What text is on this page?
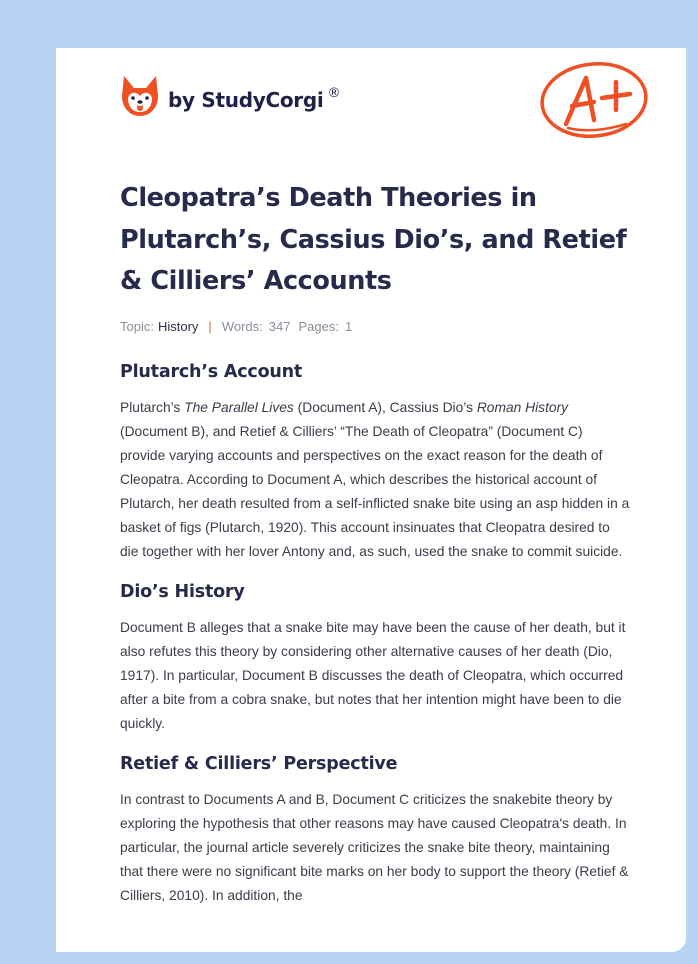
by StudyCorgi ®
Cleopatra’s Death Theories in Plutarch’s, Cassius Dio’s, and Retief & Cilliers’ Accounts
Topic: History | Words: 347 Pages: 1
Plutarch’s Account

Plutarch’s The Parallel Lives (Document A), Cassius Dio’s Roman History (Document B), and Retief & Cilliers’ “The Death of Cleopatra” (Document C) provide varying accounts and perspectives on the exact reason for the death of Cleopatra. According to Document A, which describes the historical account of Plutarch, her death resulted from a self-inflicted snake bite using an asp hidden in a basket of figs (Plutarch, 1920). This account insinuates that Cleopatra desired to die together with her lover Antony and, as such, used the snake to commit suicide.

Dio’s History

Document B alleges that a snake bite may have been the cause of her death, but it also refutes this theory by considering other alternative causes of her death (Dio, 1917). In particular, Document B discusses the death of Cleopatra, which occurred after a bite from a cobra snake, but notes that her intention might have been to die quickly.

Retief & Cilliers’ Perspective

In contrast to Documents A and B, Document C criticizes the snakebite theory by exploring the hypothesis that other reasons may have caused Cleopatra's death. In particular, the journal article severely criticizes the snake bite theory, maintaining that there were no significant bite marks on her body to support the theory (Retief & Cilliers, 2010). In addition, the
